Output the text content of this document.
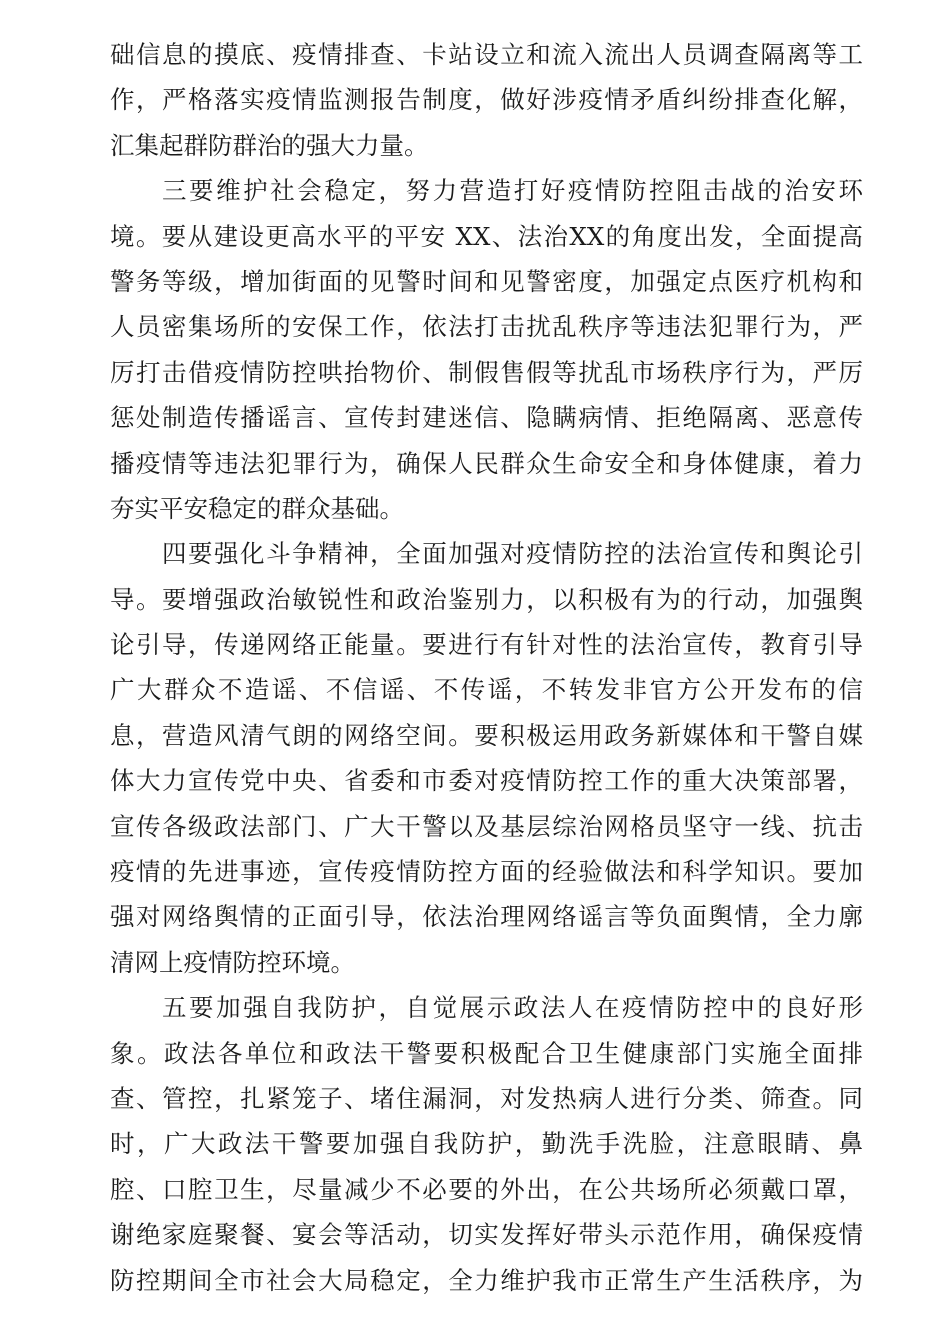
础信息的摸底、疫情排查、卡站设立和流入流出人员调查隔离等工
作，严格落实疫情监测报告制度，做好涉疫情矛盾纠纷排查化解，
汇集起群防群治的强大力量。
三要维护社会稳定，努力营造打好疫情防控阻击战的治安环
境。要从建设更高水平的平安 XX、法治XX的角度出发，全面提高
警务等级，增加街面的见警时间和见警密度，加强定点医疗机构和
人员密集场所的安保工作，依法打击扰乱秩序等违法犯罪行为，严
厉打击借疫情防控哄抬物价、制假售假等扰乱市场秩序行为，严厉
惩处制造传播谣言、宣传封建迷信、隐瞒病情、拒绝隔离、恶意传
播疫情等违法犯罪行为，确保人民群众生命安全和身体健康，着力
夯实平安稳定的群众基础。
四要强化斗争精神，全面加强对疫情防控的法治宣传和舆论引
导。要增强政治敏锐性和政治鉴别力，以积极有为的行动，加强舆
论引导，传递网络正能量。要进行有针对性的法治宣传，教育引导
广大群众不造谣、不信谣、不传谣，不转发非官方公开发布的信
息，营造风清气朗的网络空间。要积极运用政务新媒体和干警自媒
体大力宣传党中央、省委和市委对疫情防控工作的重大决策部署，
宣传各级政法部门、广大干警以及基层综治网格员坚守一线、抗击
疫情的先进事迹，宣传疫情防控方面的经验做法和科学知识。要加
强对网络舆情的正面引导，依法治理网络谣言等负面舆情，全力廓
清网上疫情防控环境。
五要加强自我防护，自觉展示政法人在疫情防控中的良好形
象。政法各单位和政法干警要积极配合卫生健康部门实施全面排
查、管控，扎紧笼子、堵住漏洞，对发热病人进行分类、筛查。同
时，广大政法干警要加强自我防护，勤洗手洗脸，注意眼睛、鼻
腔、口腔卫生，尽量减少不必要的外出，在公共场所必须戴口罩，
谢绝家庭聚餐、宴会等活动，切实发挥好带头示范作用，确保疫情
防控期间全市社会大局稳定，全力维护我市正常生产生活秩序，为
